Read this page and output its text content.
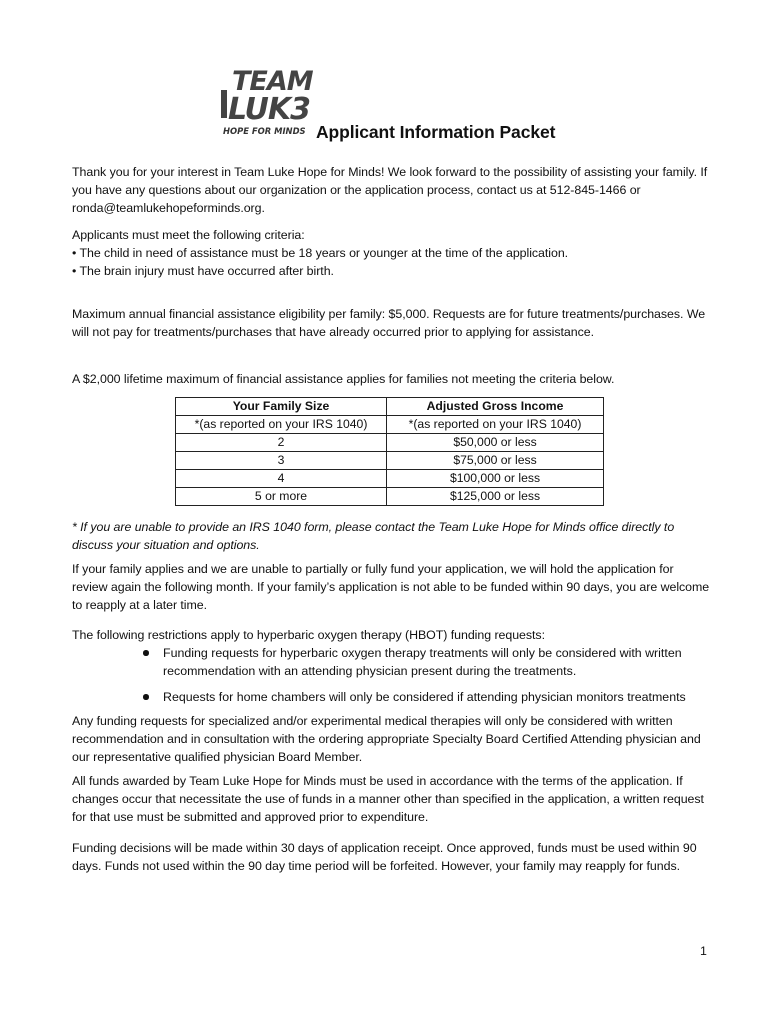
TEAM
LUK3
HOPE FOR MINDS Applicant Information Packet

Thank you for your interest in Team Luke Hope for Minds! We look forward to the possibility of assisting your family. If you have any questions about our organization or the application process, contact us at 512-845-1466 or ronda@teamlukehopeforminds.org.

Applicants must meet the following criteria:

• The child in need of assistance must be 18 years or younger at the time of the application.

• The brain injury must have occurred after birth.

Maximum annual financial assistance eligibility per family: $5,000. Requests are for future treatments/purchases. We will not pay for treatments/purchases that have already occurred prior to applying for assistance.

A $2,000 lifetime maximum of financial assistance applies for families not meeting the criteria below.

Your Family Size	Adjusted Gross Income
*(as reported on your IRS 1040)	*(as reported on your IRS 1040)
2	$50,000 or less
3	$75,000 or less
4	$100,000 or less
5 or more	$125,000 or less

* If you are unable to provide an IRS 1040 form, please contact the Team Luke Hope for Minds office directly to discuss your situation and options.

If your family applies and we are unable to partially or fully fund your application, we will hold the application for review again the following month. If your family’s application is not able to be funded within 90 days, you are welcome to reapply at a later time.

The following restrictions apply to hyperbaric oxygen therapy (HBOT) funding requests:

Funding requests for hyperbaric oxygen therapy treatments will only be considered with written recommendation with an attending physician present during the treatments.

Requests for home chambers will only be considered if attending physician monitors treatments

Any funding requests for specialized and/or experimental medical therapies will only be considered with written recommendation and in consultation with the ordering appropriate Specialty Board Certified Attending physician and our representative qualified physician Board Member.

All funds awarded by Team Luke Hope for Minds must be used in accordance with the terms of the application. If changes occur that necessitate the use of funds in a manner other than specified in the application, a written request for that use must be submitted and approved prior to expenditure.

Funding decisions will be made within 30 days of application receipt. Once approved, funds must be used within 90 days. Funds not used within the 90 day time period will be forfeited. However, your family may reapply for funds.

1
